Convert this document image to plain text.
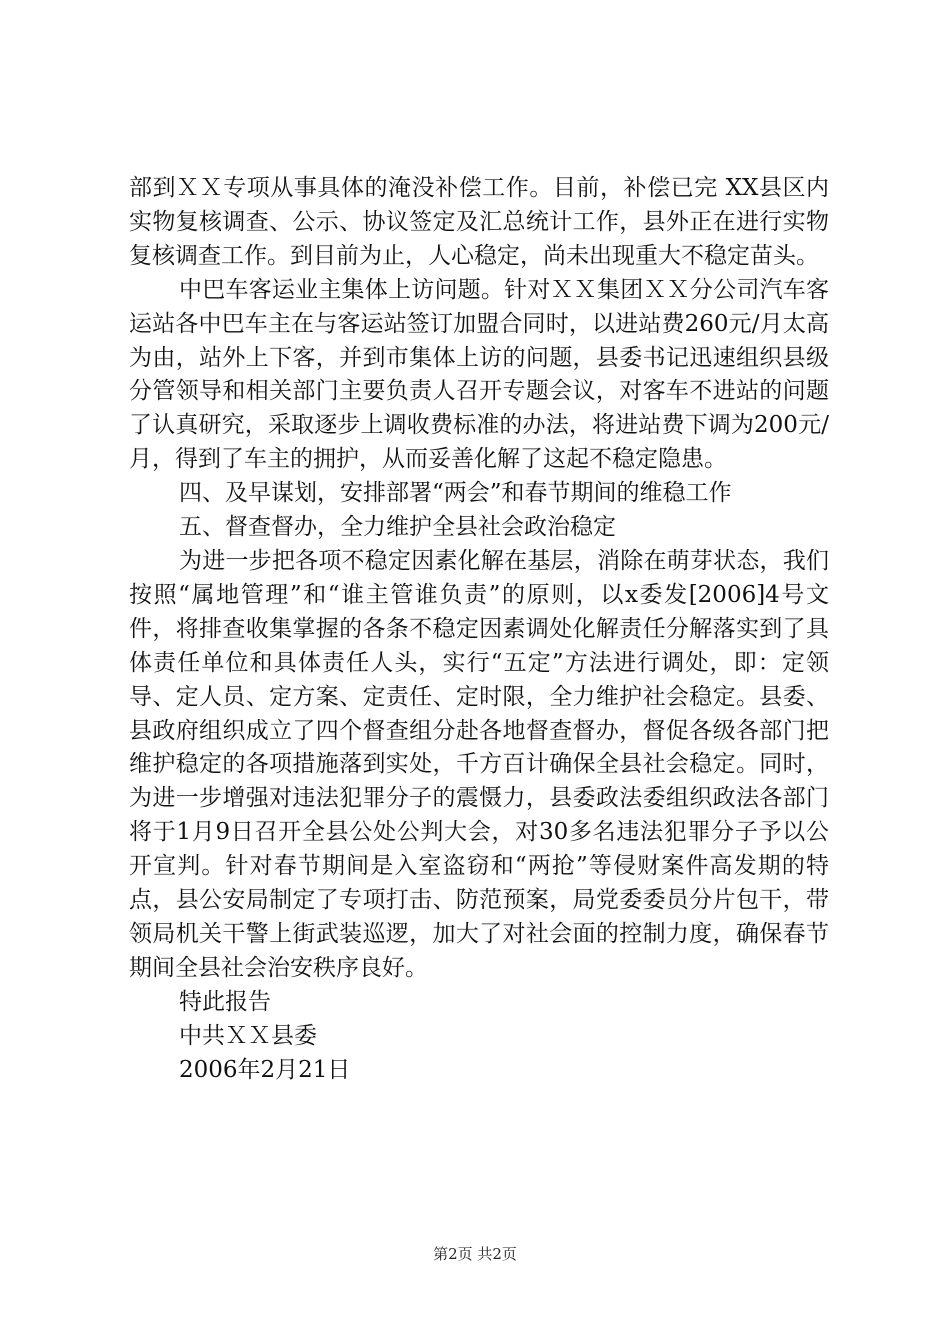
部到ＸＸ专项从事具体的淹没补偿工作。目前，补偿已完 XX县区内实物复核调查、公示、协议签定及汇总统计工作，县外正在进行实物复核调查工作。到目前为止，人心稳定，尚未出现重大不稳定苗头。

中巴车客运业主集体上访问题。针对ＸＸ集团ＸＸ分公司汽车客运站各中巴车主在与客运站签订加盟合同时，以进站费260元/月太高为由，站外上下客，并到市集体上访的问题，县委书记迅速组织县级分管领导和相关部门主要负责人召开专题会议，对客车不进站的问题了认真研究，采取逐步上调收费标准的办法，将进站费下调为200元/月，得到了车主的拥护，从而妥善化解了这起不稳定隐患。

四、及早谋划，安排部署“两会”和春节期间的维稳工作

五、督查督办，全力维护全县社会政治稳定

为进一步把各项不稳定因素化解在基层，消除在萌芽状态，我们按照“属地管理”和“谁主管谁负责”的原则，以x委发[2006]4号文件，将排查收集掌握的各条不稳定因素调处化解责任分解落实到了具体责任单位和具体责任人头，实行“五定”方法进行调处，即：定领导、定人员、定方案、定责任、定时限，全力维护社会稳定。县委、县政府组织成立了四个督查组分赴各地督查督办，督促各级各部门把维护稳定的各项措施落到实处，千方百计确保全县社会稳定。同时，为进一步增强对违法犯罪分子的震慑力，县委政法委组织政法各部门将于1月9日召开全县公处公判大会，对30多名违法犯罪分子予以公开宣判。针对春节期间是入室盗窃和“两抢”等侵财案件高发期的特点，县公安局制定了专项打击、防范预案，局党委委员分片包干，带领局机关干警上街武装巡逻，加大了对社会面的控制力度，确保春节期间全县社会治安秩序良好。

特此报告

中共ＸＸ县委

2006年2月21日

第2页 共2页
